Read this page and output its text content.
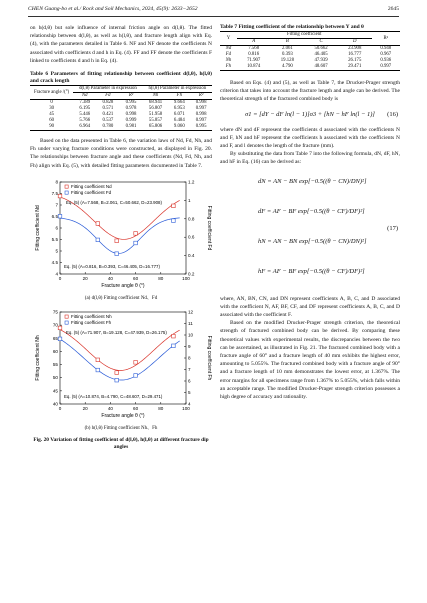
CHEN Guang-bo et al./ Rock and Soil Mechanics, 2024, 45(9): 2633−2652	2645

on h(d,θ) but sole influence of internal friction angle on d(l,θ). The fitted relationship between d(l,θ), as well as h(l,θ), and fracture length align with Eq. (4), with the parameters detailed in Table 6. NF and NF denote the coefficients N associated with coefficients d and h in Eq. (4). FF and FF denote the coefficients F linked to coefficients d and h in Eq. (4).

Table 6 Parameters of fitting relationship between coefficient d(l,θ), h(l,θ) and crack length
Fracture angle /(°)	d(l,θ) Parameter in expression			h(l,θ) Parameter in expression		
	Nd	Fd	R²	Nh	Fh	R²
0	7.389	0.828	0.995	68.941	9.664	0.998
30	6.195	0.571	0.978	56.807	6.953	0.997
45	5.446	0.421	0.998	51.958	6.071	0.998
60	5.766	0.537	0.999	55.857	6.484	0.997
90	6.964	0.780	0.981	65.806	9.060	0.995

Based on the data presented in Table 6, the variation laws of Nd, Fd, Nh, and Fh under varying fracture conditions were constructed, as displayed in Fig. 20. The relationships between fracture angle and these coefficients (Nd, Fd, Nh, and Fh) align with Eq. (5), with detailed fitting parameters documented in Table 7.

0	20	40	60	80	100
4
4.5
5
5.5
6
6.5
7
7.5
8
0.2
0.4
0.6
0.8
1
1.2
Fracture angle θ (°)
Fitting coefficient Nd	Fitting coefficient Fd
Fitting coefficient Nd
Fitting coefficient Fd
Eq. (5) (A=7.568, B=2.061, C=50.662, D=23.908)
Eq. (5) (A=0.816, B=0.393, C=46.405, D=16.777)
(a) d(l,θ) Fitting coefficient Nd、Fd
0	20	40	60	80	100
40
45
50
55
60
65
70
75
4
5
6
7
8
9
10
11
12
Fracture angle θ (°)
Fitting coefficient Nh	Fitting coefficient Fh
Fitting coefficient Nh
Fitting coefficient Fh
Eq. (5) (A=71.907, B=19.128, C=47.939, D=26.175)
Eq. (5) (A=10.874, B=4.790, C=48.607, D=29.471)
(b) h(l,θ) Fitting coefficient Nh、Fh
Fig. 20 Variation of fitting coefficient of d(l,θ), h(l,θ) at different fracture dip angles
Table 7 Fitting coefficient of the relationship between Y and θ
Y	Fitting coefficient				R²
	A	B	C	D	
Nd	7.568	2.061	50.662	23.908	0.948
Fd	0.816	0.393	46.405	16.777	0.967
Nh	71.907	19.128	47.939	26.175	0.936
Fh	10.874	4.790	48.607	29.471	0.997

Based on Eqs. (4) and (5), as well as Table 7, the Drucker-Prager strength criterion that takes into account the fracture length and angle can be derived. The theoretical strength of the fractured combined body is

σ1 = [dY − dF ln(l − 1)]σ3 + [hN − hF ln(l − 1)] (16)

where dN and dF represent the coefficients d associated with the coefficients N and F, hN and hF represent the coefficients h associated with the coefficients N and F, and l denotes the length of the fracture (mm).

By substituting the data from Table 7 into the following formula, dN, dF, hN, and hF in Eq. (16) can be derived as:

dN = AN − BN exp[−0.5((θ − CN)/DN)²]
dF = AF − BF exp[−0.5((θ − CF)/DF)²]
hN = AN − BN exp[−0.5((θ − CN)/DN)²]
hF = AF − BF exp[−0.5((θ − CF)/DF)²]
(17)

where, AN, BN, CN, and DN represent coefficients A, B, C, and D associated with the coefficient N, AF, BF, CF, and DF represent coefficients A, B, C, and D associated with the coefficient F.

Based on the modified Drucker-Prager strength criterion, the theoretical strength of fractured combined body can be derived. By comparing these theoretical values with experimental results, the discrepancies between the two can be ascertained, as illustrated in Fig. 21. The fractured combined body with a fracture angle of 60° and a fracture length of 40 mm exhibits the highest error, amounting to 5.055%. The fractured combined body with a fracture angle of 90° and a fracture length of 10 mm demonstrates the lowest error, at 1.367%. The error margins for all specimens range from 1.367% to 5.055%, which falls within an acceptable range. The modified Drucker-Prager strength criterion possesses a high degree of accuracy and rationality.
